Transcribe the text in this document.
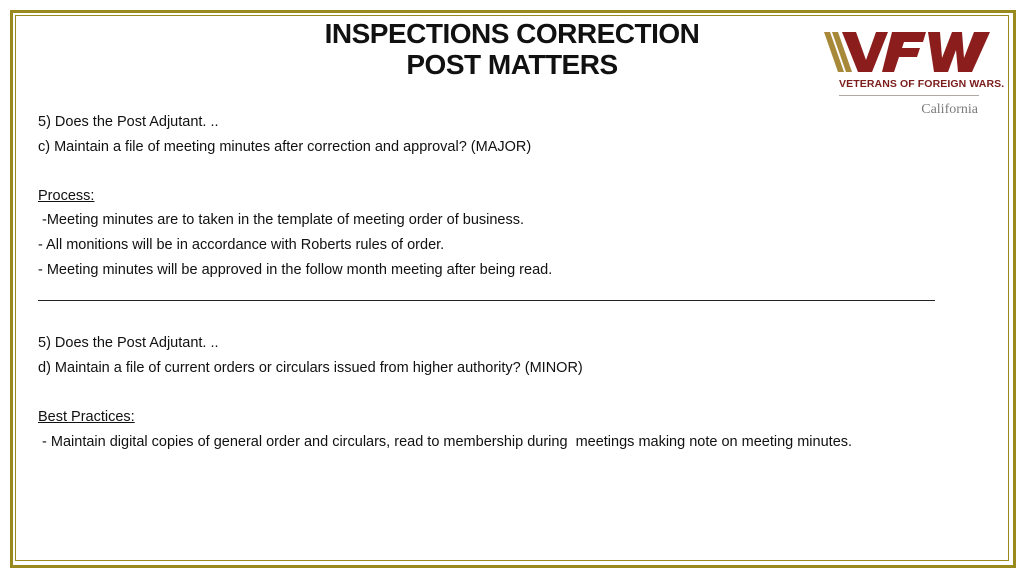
INSPECTIONS CORRECTION
POST MATTERS
VETERANS OF FOREIGN WARS.
California
5) Does the Post Adjutant. ..
c) Maintain a file of meeting minutes after correction and approval? (MAJOR)
Process:
-Meeting minutes are to taken in the template of meeting order of business.
- All monitions will be in accordance with Roberts rules of order.
- Meeting minutes will be approved in the follow month meeting after being read.
5) Does the Post Adjutant. ..
d) Maintain a file of current orders or circulars issued from higher authority? (MINOR)
Best Practices:
- Maintain digital copies of general order and circulars, read to membership during  meetings making note on meeting minutes.
